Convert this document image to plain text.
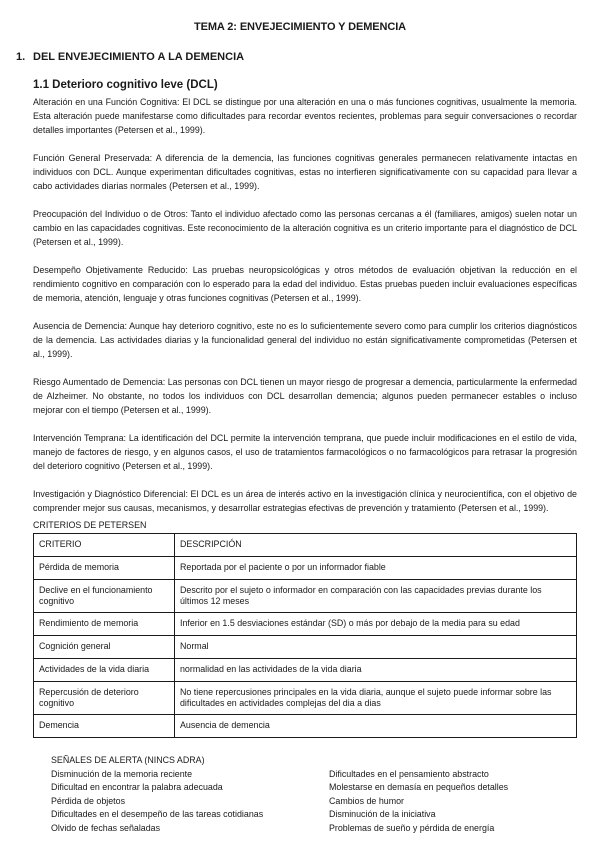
TEMA 2: ENVEJECIMIENTO Y DEMENCIA
1. DEL ENVEJECIMIENTO A LA DEMENCIA
1.1 Deterioro cognitivo leve (DCL)

Alteración en una Función Cognitiva: El DCL se distingue por una alteración en una o más funciones cognitivas, usualmente la memoria. Esta alteración puede manifestarse como dificultades para recordar eventos recientes, problemas para seguir conversaciones o recordar detalles importantes (Petersen et al., 1999).

Función General Preservada: A diferencia de la demencia, las funciones cognitivas generales permanecen relativamente intactas en individuos con DCL. Aunque experimentan dificultades cognitivas, estas no interfieren significativamente con su capacidad para llevar a cabo actividades diarias normales (Petersen et al., 1999).

Preocupación del Individuo o de Otros: Tanto el individuo afectado como las personas cercanas a él (familiares, amigos) suelen notar un cambio en las capacidades cognitivas. Este reconocimiento de la alteración cognitiva es un criterio importante para el diagnóstico de DCL (Petersen et al., 1999).

Desempeño Objetivamente Reducido: Las pruebas neuropsicológicas y otros métodos de evaluación objetivan la reducción en el rendimiento cognitivo en comparación con lo esperado para la edad del individuo. Estas pruebas pueden incluir evaluaciones específicas de memoria, atención, lenguaje y otras funciones cognitivas (Petersen et al., 1999).

Ausencia de Demencia: Aunque hay deterioro cognitivo, este no es lo suficientemente severo como para cumplir los criterios diagnósticos de la demencia. Las actividades diarias y la funcionalidad general del individuo no están significativamente comprometidas (Petersen et al., 1999).

Riesgo Aumentado de Demencia: Las personas con DCL tienen un mayor riesgo de progresar a demencia, particularmente la enfermedad de Alzheimer. No obstante, no todos los individuos con DCL desarrollan demencia; algunos pueden permanecer estables o incluso mejorar con el tiempo (Petersen et al., 1999).

Intervención Temprana: La identificación del DCL permite la intervención temprana, que puede incluir modificaciones en el estilo de vida, manejo de factores de riesgo, y en algunos casos, el uso de tratamientos farmacológicos o no farmacológicos para retrasar la progresión del deterioro cognitivo (Petersen et al., 1999).

Investigación y Diagnóstico Diferencial: El DCL es un área de interés activo en la investigación clínica y neurocientífica, con el objetivo de comprender mejor sus causas, mecanismos, y desarrollar estrategias efectivas de prevención y tratamiento (Petersen et al., 1999).

CRITERIOS DE PETERSEN
CRITERIO	DESCRIPCIÓN
Pérdida de memoria	Reportada por el paciente o por un informador fiable
Declive en el funcionamiento cognitivo	Descrito por el sujeto o informador en comparación con las capacidades previas durante los últimos 12 meses
Rendimiento de memoria	Inferior en 1.5 desviaciones estándar (SD) o más por debajo de la media para su edad
Cognición general	Normal
Actividades de la vida diaria	normalidad en las actividades de la vida diaria
Repercusión de deterioro cognitivo	No tiene repercusiones principales en la vida diaria, aunque el sujeto puede informar sobre las dificultades en actividades complejas del dia a dias
Demencia	Ausencia de demencia
SEÑALES DE ALERTA (NINCS ADRA)
Disminución de la memoria reciente
Dificultad en encontrar la palabra adecuada
Pérdida de objetos
Dificultades en el desempeño de las tareas cotidianas
Olvido de fechas señaladas
Dificultades en el pensamiento abstracto
Molestarse en demasía en pequeños detalles
Cambios de humor
Disminución de la iniciativa
Problemas de sueño y pérdida de energía
